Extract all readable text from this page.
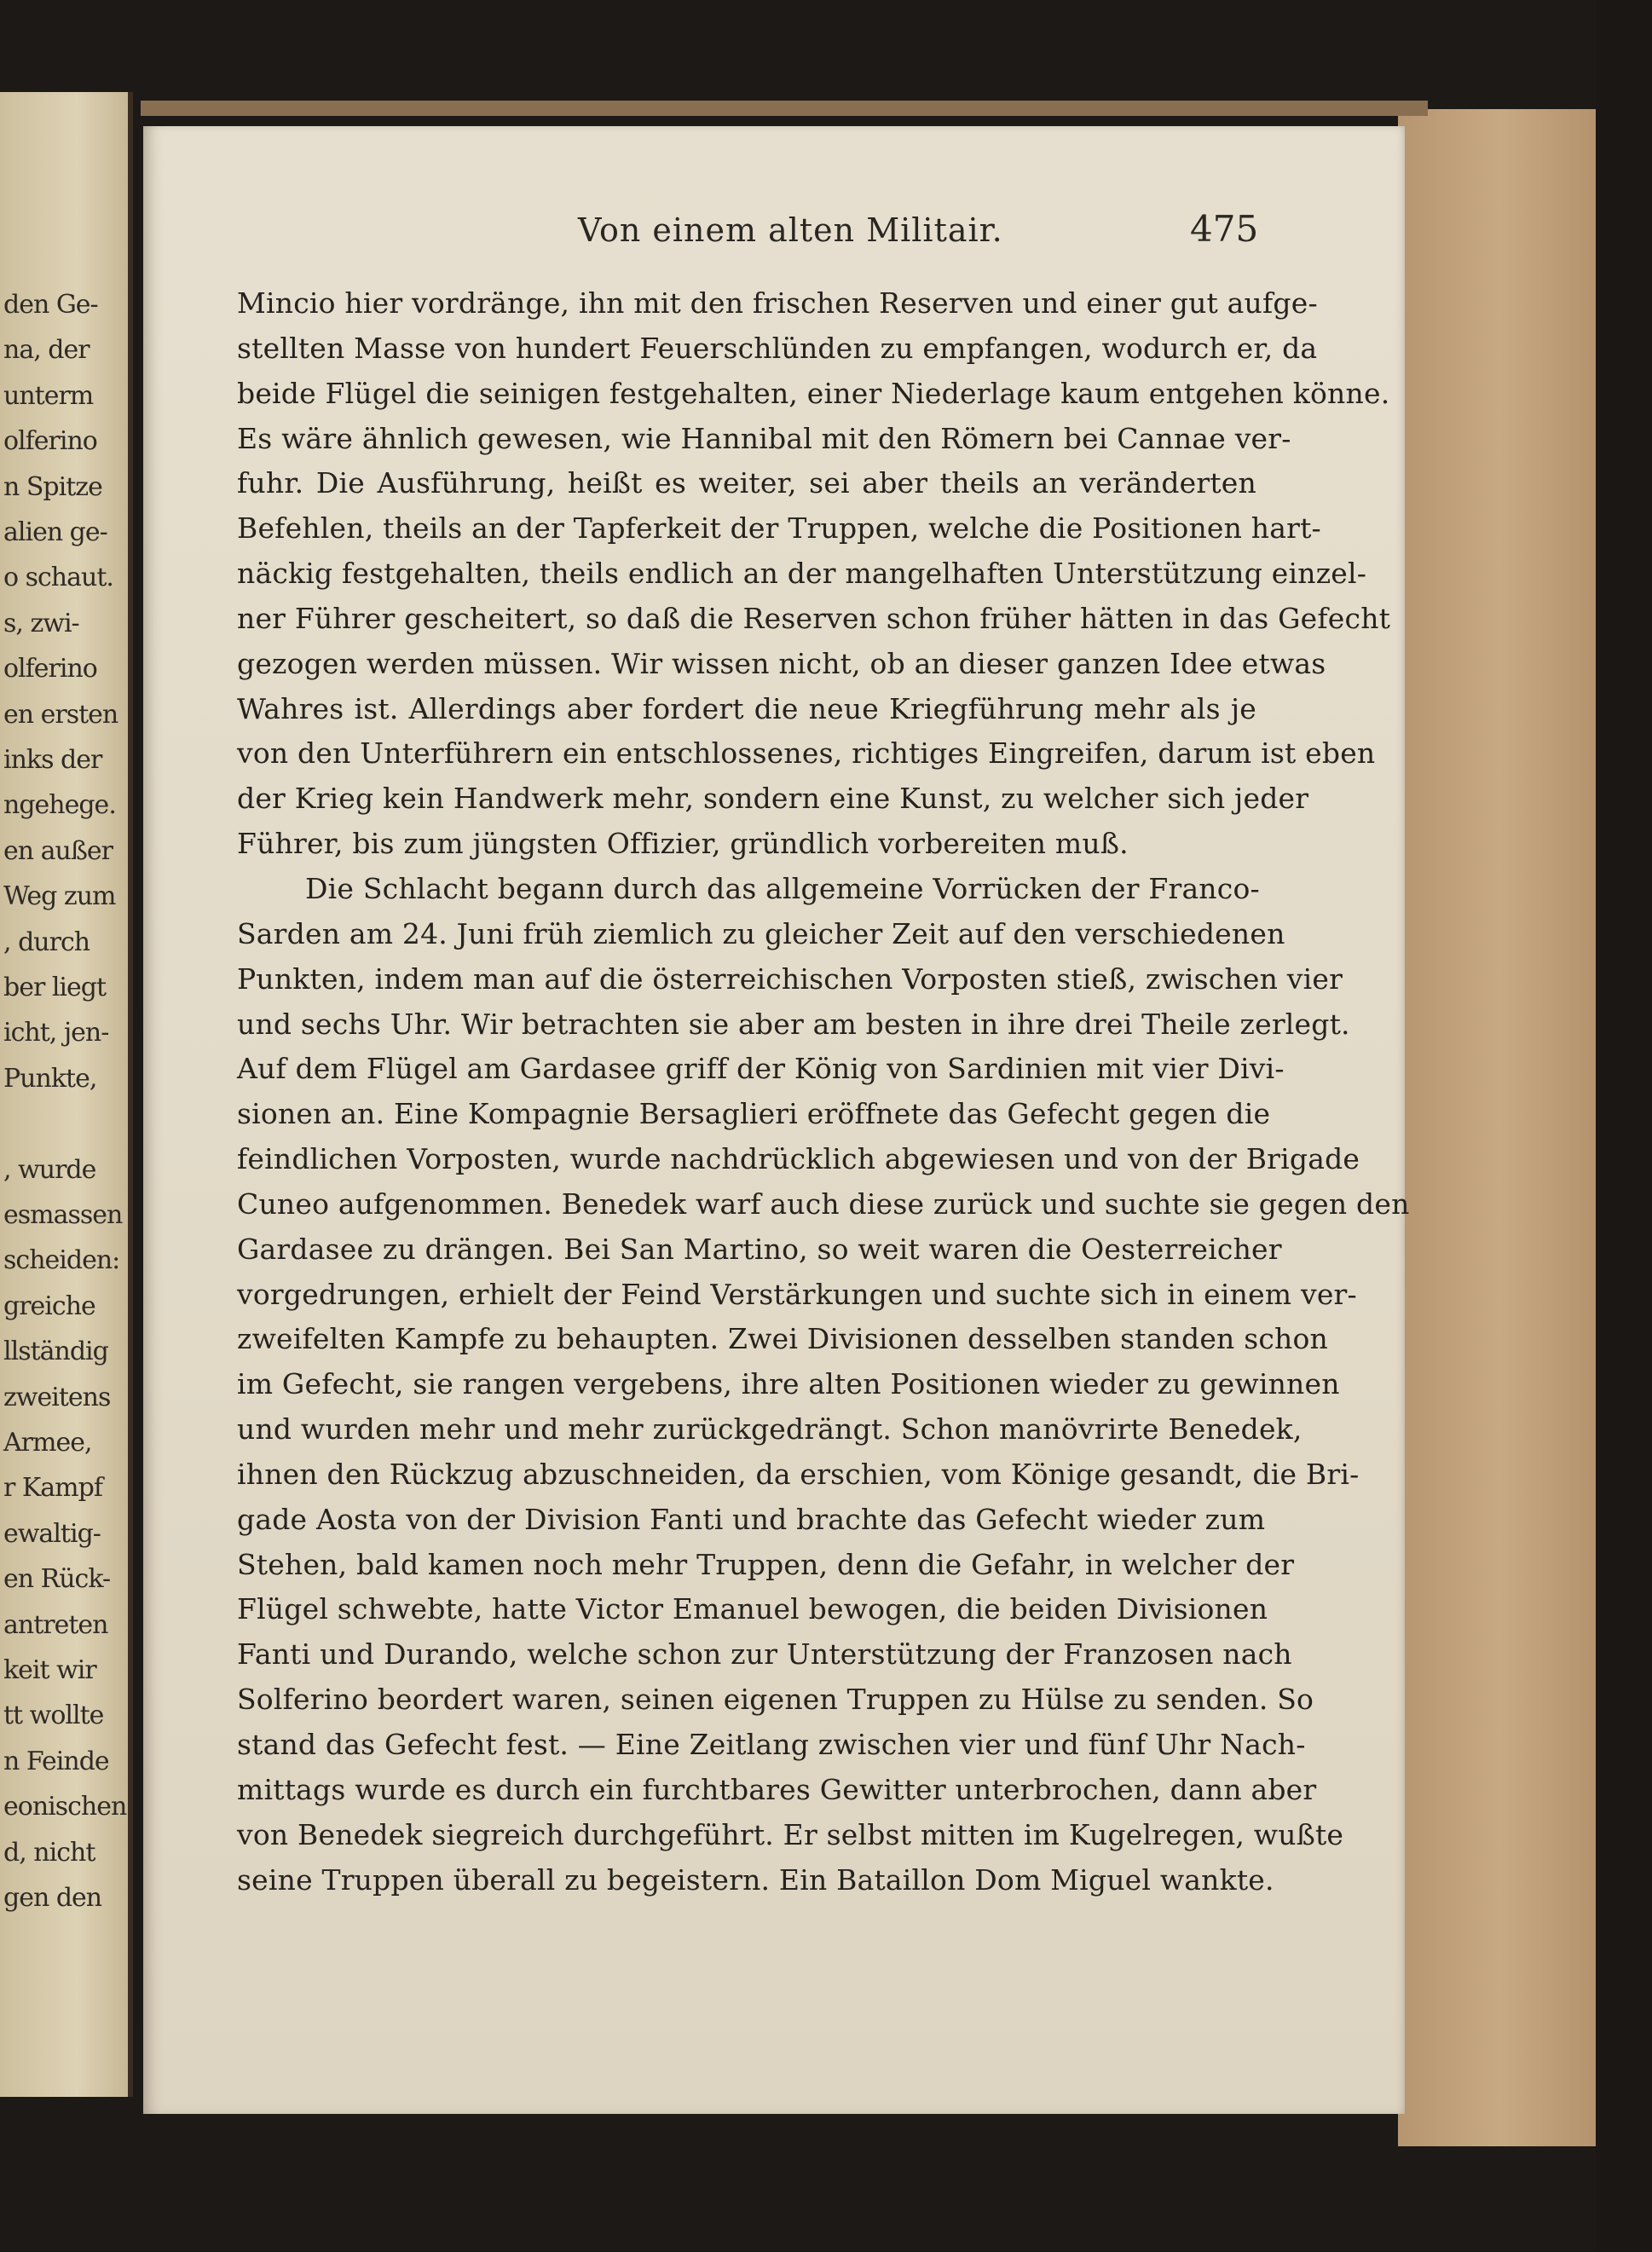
den Ge-
na, der
unterm
olferino
n Spitze
alien ge-
o schaut.
s, zwi-
olferino
en ersten
inks der
ngehege.
en außer
Weg zum
, durch
ber liegt
icht, jen-
Punkte,
, wurde
esmassen
scheiden:
greiche
llständig
zweitens
Armee,
r Kampf
ewaltig-
en Rück-
antreten
keit wir
tt wollte
n Feinde
eonischen
d, nicht
gen den
Von einem alten Militair.	475
Mincio hier vordränge, ihn mit den frischen Reserven und einer gut aufge-
stellten Masse von hundert Feuerschlünden zu empfangen, wodurch er, da
beide Flügel die seinigen festgehalten, einer Niederlage kaum entgehen könne.
Es wäre ähnlich gewesen, wie Hannibal mit den Römern bei Cannae ver-
fuhr. Die Ausführung, heißt es weiter, sei aber theils an veränderten
Befehlen, theils an der Tapferkeit der Truppen, welche die Positionen hart-
näckig festgehalten, theils endlich an der mangelhaften Unterstützung einzel-
ner Führer gescheitert, so daß die Reserven schon früher hätten in das Gefecht
gezogen werden müssen. Wir wissen nicht, ob an dieser ganzen Idee etwas
Wahres ist. Allerdings aber fordert die neue Kriegführung mehr als je
von den Unterführern ein entschlossenes, richtiges Eingreifen, darum ist eben
der Krieg kein Handwerk mehr, sondern eine Kunst, zu welcher sich jeder
Führer, bis zum jüngsten Offizier, gründlich vorbereiten muß.
Die Schlacht begann durch das allgemeine Vorrücken der Franco-
Sarden am 24. Juni früh ziemlich zu gleicher Zeit auf den verschiedenen
Punkten, indem man auf die österreichischen Vorposten stieß, zwischen vier
und sechs Uhr. Wir betrachten sie aber am besten in ihre drei Theile zerlegt.
Auf dem Flügel am Gardasee griff der König von Sardinien mit vier Divi-
sionen an. Eine Kompagnie Bersaglieri eröffnete das Gefecht gegen die
feindlichen Vorposten, wurde nachdrücklich abgewiesen und von der Brigade
Cuneo aufgenommen. Benedek warf auch diese zurück und suchte sie gegen den
Gardasee zu drängen. Bei San Martino, so weit waren die Oesterreicher
vorgedrungen, erhielt der Feind Verstärkungen und suchte sich in einem ver-
zweifelten Kampfe zu behaupten. Zwei Divisionen desselben standen schon
im Gefecht, sie rangen vergebens, ihre alten Positionen wieder zu gewinnen
und wurden mehr und mehr zurückgedrängt. Schon manövrirte Benedek,
ihnen den Rückzug abzuschneiden, da erschien, vom Könige gesandt, die Bri-
gade Aosta von der Division Fanti und brachte das Gefecht wieder zum
Stehen, bald kamen noch mehr Truppen, denn die Gefahr, in welcher der
Flügel schwebte, hatte Victor Emanuel bewogen, die beiden Divisionen
Fanti und Durando, welche schon zur Unterstützung der Franzosen nach
Solferino beordert waren, seinen eigenen Truppen zu Hülse zu senden. So
stand das Gefecht fest. — Eine Zeitlang zwischen vier und fünf Uhr Nach-
mittags wurde es durch ein furchtbares Gewitter unterbrochen, dann aber
von Benedek siegreich durchgeführt. Er selbst mitten im Kugelregen, wußte
seine Truppen überall zu begeistern. Ein Bataillon Dom Miguel wankte.
